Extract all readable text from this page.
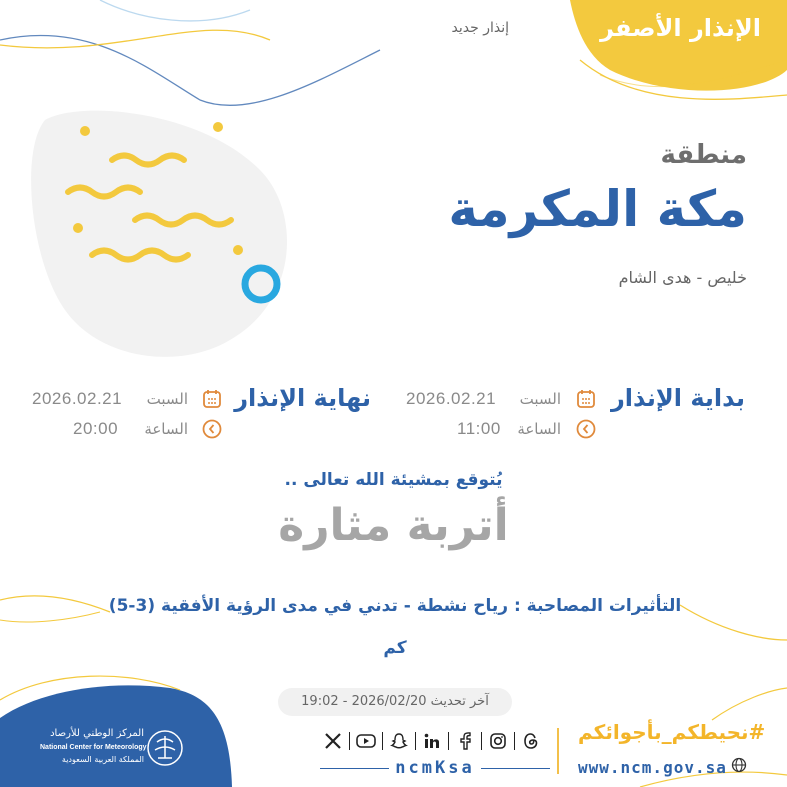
الإنذار الأصفر
إنذار جديد
منطقة
مكة المكرمة
خليص - هدى الشام
بداية الإنذار
السبت
الساعة
2026.02.21
11:00
نهاية الإنذار
السبت
الساعة
2026.02.21
20:00
يُتوقع بمشيئة الله تعالى ..
أتربة مثارة
التأثيرات المصاحبة : رياح نشطة - تدني في مدى الرؤية الأفقية (3-5) كم
آخر تحديث 2026/02/20 - 19:02
#نحيطكم_بأجوائكم
www.ncm.gov.sa
ncmKsa
المركز الوطني للأرصاد
National Center for Meteorology
المملكة العربية السعودية
